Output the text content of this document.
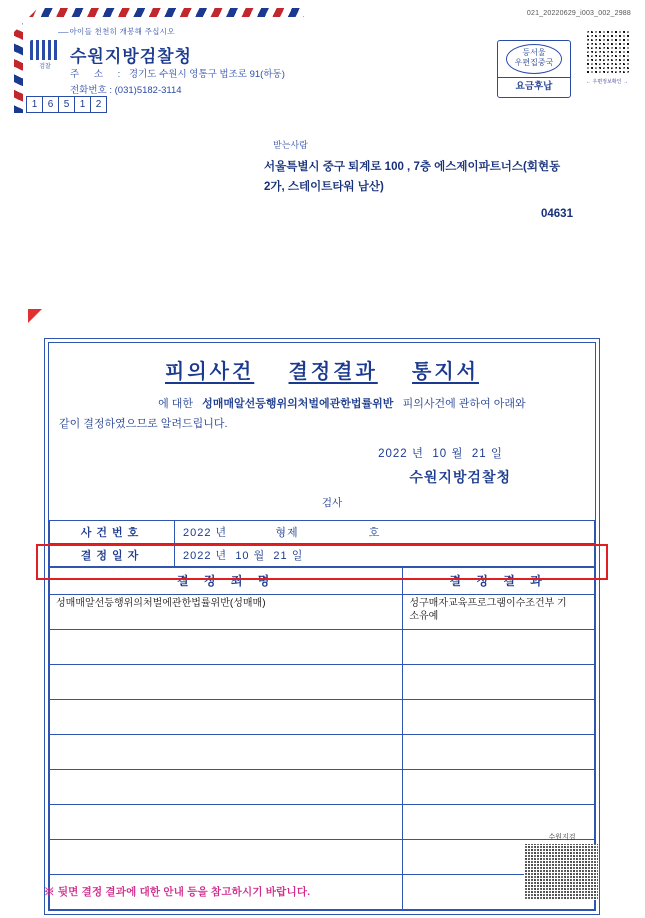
021_20220629_i003_002_2988
––– 아이들 천천히 개봉해 주십시오
검찰
수원지방검찰청
주 소 : 경기도 수원시 영통구 법조로 91(하동)
전화번호 : (031)5182-3114
1	6	5	1	2
등서울
우편집중국
요금후납	← 우편정보확인 →
받는사람
서울특별시 중구 퇴계로 100 , 7층 에스제이파트너스(회현동
2가, 스테이트타워 남산)
04631
피의사건 결정결과 통지서
에 대한 성매매알선등행위의처벌에관한법률위반 피의사건에 관하여 아래와
같이 결정하였으므로 알려드립니다.
2022 년 10 월 21 일
수원지방검찰청
검사
사건번호	2022 년 형제 호
결정일자	2022 년 10 월 21 일
결 정 죄 명	결 정 결 과
성매매알선등행위의처벌에관한법률위반(성매매)	성구매자교육프로그램이수조건부 기
소유예

수원지검
※ 뒷면 결정 결과에 대한 안내 등을 참고하시기 바랍니다.
